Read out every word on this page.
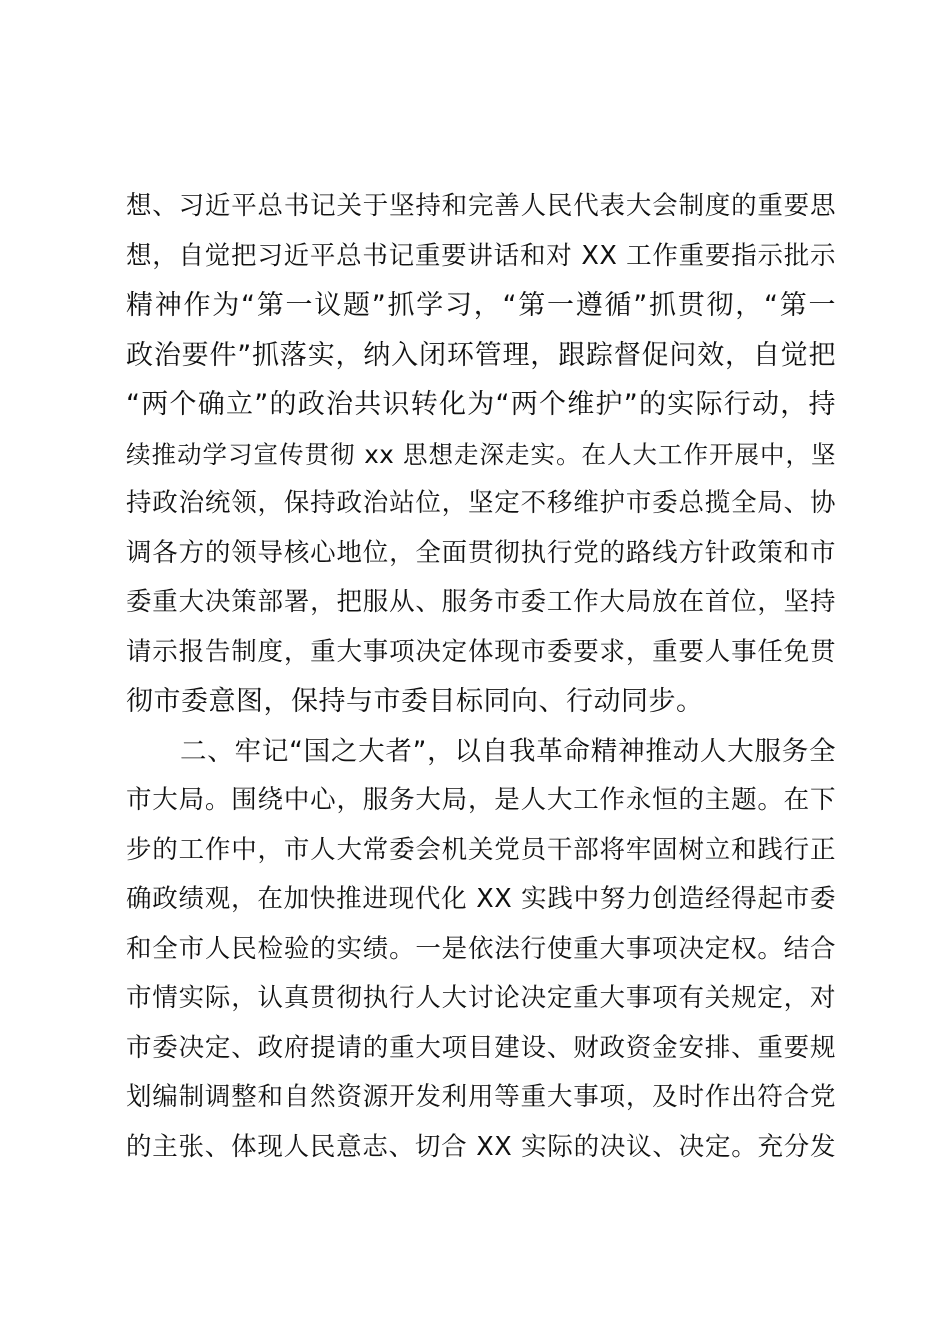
想、习近平总书记关于坚持和完善人民代表大会制度的重要思
想，自觉把习近平总书记重要讲话和对 XX 工作重要指示批示
精神作为“第一议题”抓学习，“第一遵循”抓贯彻，“第一
政治要件”抓落实，纳入闭环管理，跟踪督促问效，自觉把
“两个确立”的政治共识转化为“两个维护”的实际行动，持
续推动学习宣传贯彻 xx 思想走深走实。在人大工作开展中，坚
持政治统领，保持政治站位，坚定不移维护市委总揽全局、协
调各方的领导核心地位，全面贯彻执行党的路线方针政策和市
委重大决策部署，把服从、服务市委工作大局放在首位，坚持
请示报告制度，重大事项决定体现市委要求，重要人事任免贯
彻市委意图，保持与市委目标同向、行动同步。
二、牢记“国之大者”，以自我革命精神推动人大服务全
市大局。围绕中心，服务大局，是人大工作永恒的主题。在下
步的工作中，市人大常委会机关党员干部将牢固树立和践行正
确政绩观，在加快推进现代化 XX 实践中努力创造经得起市委
和全市人民检验的实绩。一是依法行使重大事项决定权。结合
市情实际，认真贯彻执行人大讨论决定重大事项有关规定，对
市委决定、政府提请的重大项目建设、财政资金安排、重要规
划编制调整和自然资源开发利用等重大事项，及时作出符合党
的主张、体现人民意志、切合 XX 实际的决议、决定。充分发
